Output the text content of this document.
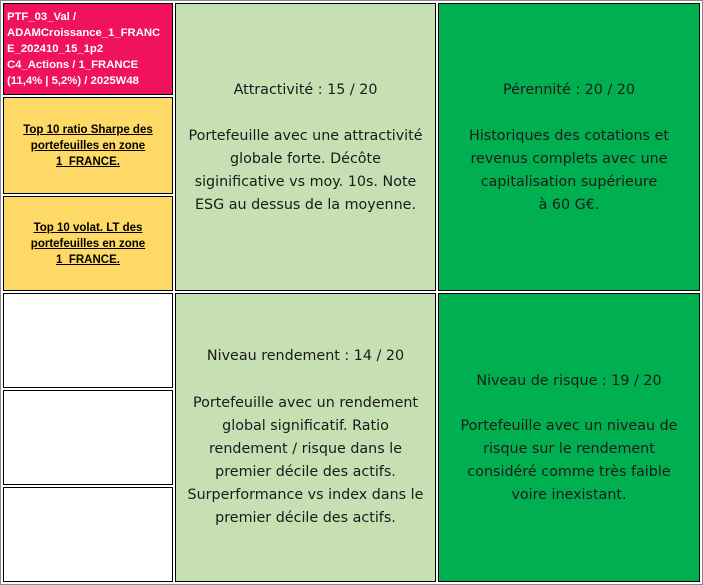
PTF_03_Val /
ADAMCroissance_1_FRANC
E_202410_15_1p2
C4_Actions / 1_FRANCE
(11,4% | 5,2%) / 2025W48
Top 10 ratio Sharpe des
portefeuilles en zone
1_FRANCE.
Top 10 volat. LT des
portefeuilles en zone
1_FRANCE.
Attractivité : 15 / 20
Portefeuille avec une attractivité
globale forte. Décôte
siginificative vs moy. 10s. Note
ESG au dessus de la moyenne.
Pérennité : 20 / 20
Historiques des cotations et
revenus complets avec une
capitalisation supérieure
à 60 G€.
Niveau rendement : 14 / 20
Portefeuille avec un rendement
global significatif. Ratio
rendement / risque dans le
premier décile des actifs.
Surperformance vs index dans le
premier décile des actifs.
Niveau de risque : 19 / 20
Portefeuille avec un niveau de
risque sur le rendement
considéré comme très faible
voire inexistant.
